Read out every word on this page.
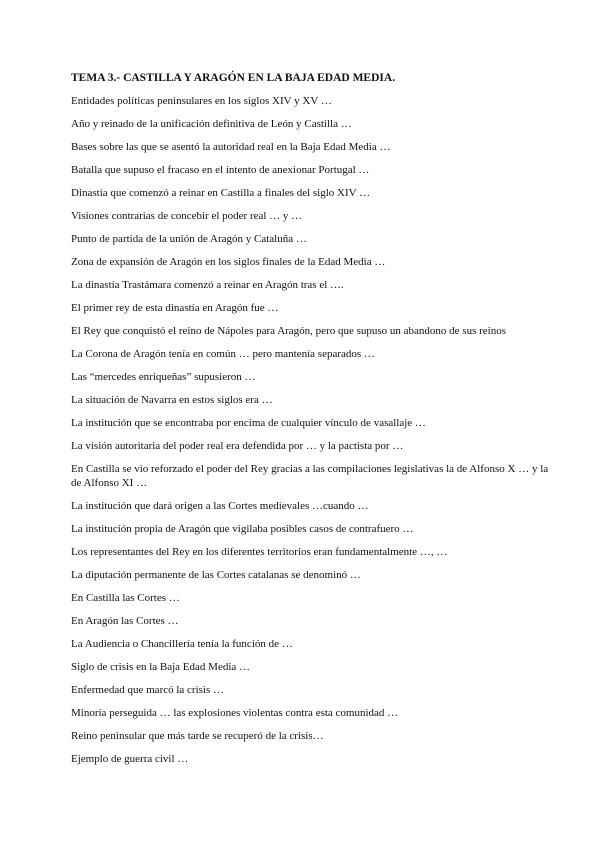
TEMA 3.- CASTILLA Y ARAGÓN EN LA BAJA EDAD MEDIA.
Entidades políticas peninsulares en los siglos XIV y XV …
Año y reinado de la unificación definitiva de León y Castilla …
Bases sobre las que se asentó la autoridad real en la Baja Edad Media …
Batalla que supuso el fracaso en el intento de anexionar Portugal …
Dinastía que comenzó a reinar en Castilla a finales del siglo XIV …
Visiones contrarias de concebir el poder real … y …
Punto de partida de la unión de Aragón y Cataluña …
Zona de expansión de Aragón en los siglos finales de la Edad Media …
La dinastía Trastámara comenzó a reinar en Aragón tras el ….
El primer rey de esta dinastía en Aragón fue …
El Rey que conquistó el reino de Nápoles para Aragón, pero que supuso un abandono de sus reinos
La Corona de Aragón tenía en común … pero mantenía separados …
Las “mercedes enriqueñas” supusieron …
La situación de Navarra en estos siglos era …
La institución que se encontraba por encima de cualquier vínculo de vasallaje …
La visión autoritaria del poder real era defendida por … y la pactista por …
En Castilla se vio reforzado el poder del Rey gracias a las compilaciones legislativas la de Alfonso X … y la de Alfonso XI …
La institución que dará origen a las Cortes medievales …cuando …
La institución propia de Aragón que vigilaba posibles casos de contrafuero …
Los representantes del Rey en los diferentes territorios eran fundamentalmente …, …
La diputación permanente de las Cortes catalanas se denominó …
En Castilla las Cortes …
En Aragón las Cortes …
La Audiencia o Chancillería tenía la función de …
Siglo de crisis en la Baja Edad Media …
Enfermedad que marcó la crisis …
Minoría perseguida … las explosiones violentas contra esta comunidad …
Reino peninsular que más tarde se recuperó de la crisis…
Ejemplo de guerra civil …
